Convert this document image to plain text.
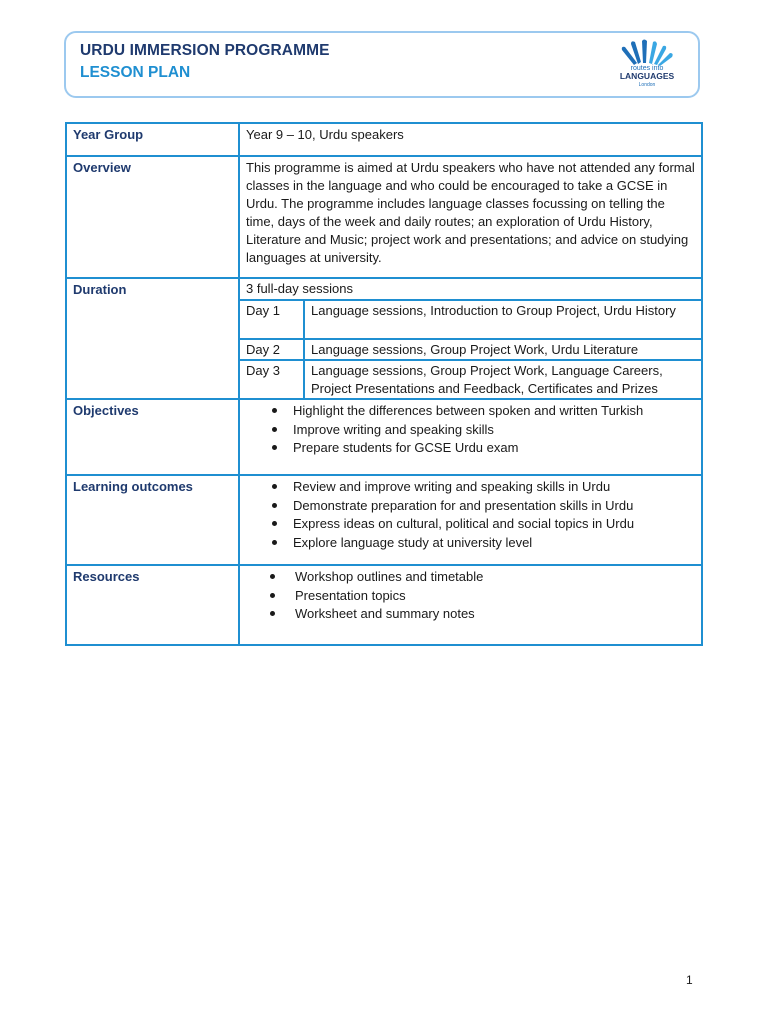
URDU IMMERSION PROGRAMME
LESSON PLAN	routes into
LANGUAGES
London
Year Group	Year 9 – 10, Urdu speakers
Overview	This programme is aimed at Urdu speakers who have not attended any formal classes in the language and who could be encouraged to take a GCSE in Urdu. The programme includes language classes focussing on telling the time, days of the week and daily routes; an exploration of Urdu History, Literature and Music; project work and presentations; and advice on studying languages at university.
Duration	3 full-day sessions
Day 1	Language sessions, Introduction to Group Project, Urdu History
Day 2	Language sessions, Group Project Work, Urdu Literature
Day 3	Language sessions, Group Project Work, Language Careers, Project Presentations and Feedback, Certificates and Prizes

Objectives	Highlight the differences between spoken and written Turkish
Improve writing and speaking skills
Prepare students for GCSE Urdu exam

Learning outcomes	Review and improve writing and speaking skills in Urdu
Demonstrate preparation for and presentation skills in Urdu
Express ideas on cultural, political and social topics in Urdu
Explore language study at university level

Resources	Workshop outlines and timetable
Presentation topics
Worksheet and summary notes
1
